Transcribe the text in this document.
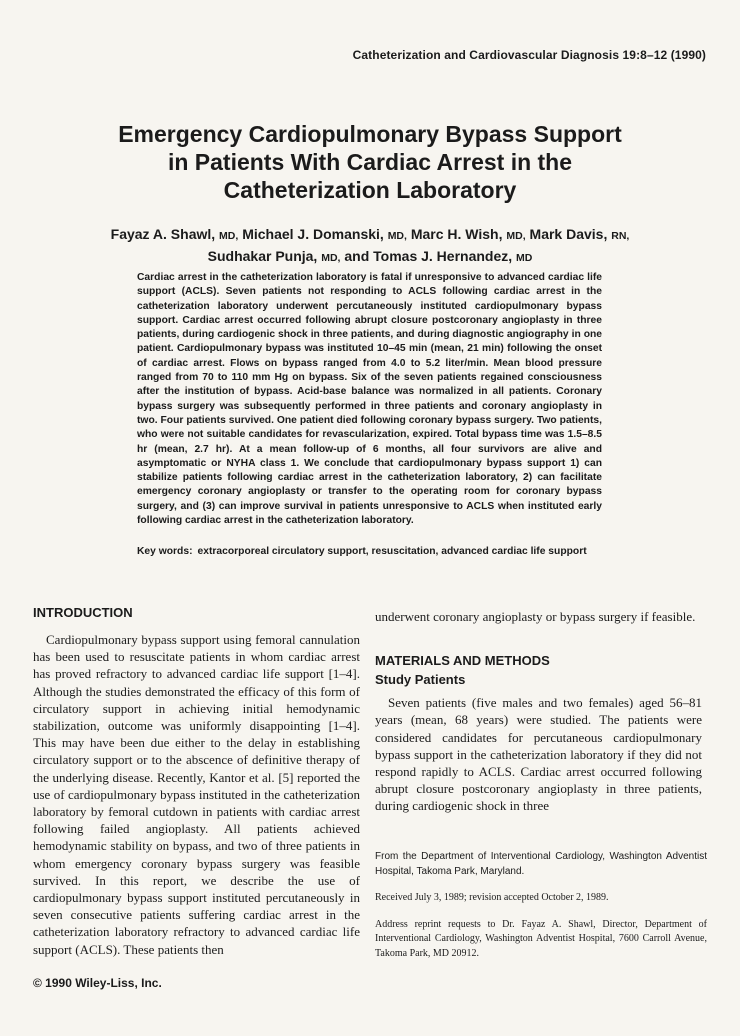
Catheterization and Cardiovascular Diagnosis 19:8–12 (1990)
Emergency Cardiopulmonary Bypass Support
in Patients With Cardiac Arrest in the
Catheterization Laboratory
Fayaz A. Shawl, MD, Michael J. Domanski, MD, Marc H. Wish, MD, Mark Davis, RN,
Sudhakar Punja, MD, and Tomas J. Hernandez, MD

Cardiac arrest in the catheterization laboratory is fatal if unresponsive to advanced cardiac life support (ACLS). Seven patients not responding to ACLS following cardiac arrest in the catheterization laboratory underwent percutaneously instituted cardiopulmonary bypass support. Cardiac arrest occurred following abrupt closure postcoronary angioplasty in three patients, during cardiogenic shock in three patients, and during diagnostic angiography in one patient. Cardiopulmonary bypass was instituted 10–45 min (mean, 21 min) following the onset of cardiac arrest. Flows on bypass ranged from 4.0 to 5.2 liter/min. Mean blood pressure ranged from 70 to 110 mm Hg on bypass. Six of the seven patients regained consciousness after the institution of bypass. Acid-base balance was normalized in all patients. Coronary bypass surgery was subsequently performed in three patients and coronary angioplasty in two. Four patients survived. One patient died following coronary bypass surgery. Two patients, who were not suitable candidates for revascularization, expired. Total bypass time was 1.5–8.5 hr (mean, 2.7 hr). At a mean follow-up of 6 months, all four survivors are alive and asymptomatic or NYHA class 1. We conclude that cardiopulmonary bypass support 1) can stabilize patients following cardiac arrest in the catheterization laboratory, 2) can facilitate emergency coronary angioplasty or transfer to the operating room for coronary bypass surgery, and (3) can improve survival in patients unresponsive to ACLS when instituted early following cardiac arrest in the catheterization laboratory.

Key words: extracorporeal circulatory support, resuscitation, advanced cardiac life support

INTRODUCTION

Cardiopulmonary bypass support using femoral cannulation has been used to resuscitate patients in whom cardiac arrest has proved refractory to advanced cardiac life support [1–4]. Although the studies demonstrated the efficacy of this form of circulatory support in achieving initial hemodynamic stabilization, outcome was uniformly disappointing [1–4]. This may have been due either to the delay in establishing circulatory support or to the abscence of definitive therapy of the underlying disease. Recently, Kantor et al. [5] reported the use of cardiopulmonary bypass instituted in the catheterization laboratory by femoral cutdown in patients with cardiac arrest following failed angioplasty. All patients achieved hemodynamic stability on bypass, and two of three patients in whom emergency coronary bypass surgery was feasible survived. In this report, we describe the use of cardiopulmonary bypass support instituted percutaneously in seven consecutive patients suffering cardiac arrest in the catheterization laboratory refractory to advanced cardiac life support (ACLS). These patients then

underwent coronary angioplasty or bypass surgery if feasible.

MATERIALS AND METHODS
Study Patients

Seven patients (five males and two females) aged 56–81 years (mean, 68 years) were studied. The patients were considered candidates for percutaneous cardiopulmonary bypass support in the catheterization laboratory if they did not respond rapidly to ACLS. Cardiac arrest occurred following abrupt closure postcoronary angioplasty in three patients, during cardiogenic shock in three

From the Department of Interventional Cardiology, Washington Adventist Hospital, Takoma Park, Maryland.

Received July 3, 1989; revision accepted October 2, 1989.

Address reprint requests to Dr. Fayaz A. Shawl, Director, Department of Interventional Cardiology, Washington Adventist Hospital, 7600 Carroll Avenue, Takoma Park, MD 20912.

© 1990 Wiley-Liss, Inc.
